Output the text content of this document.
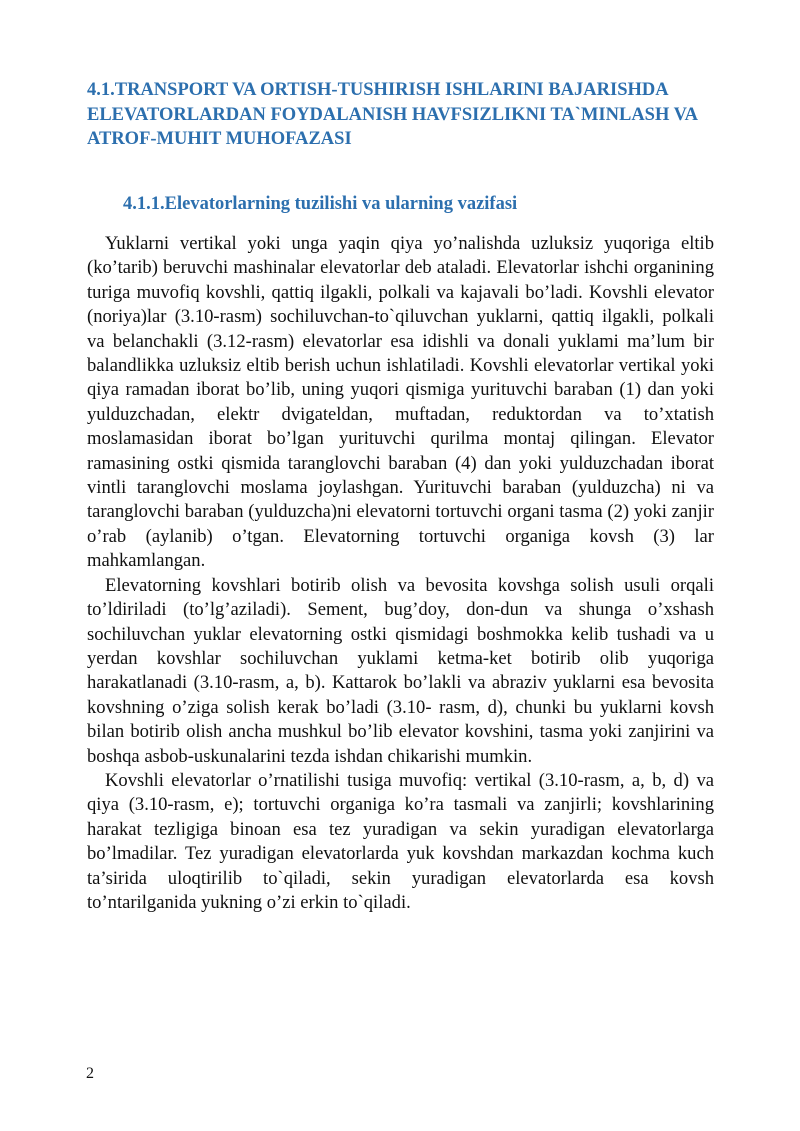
4.1.TRANSPORT VA ORTISH-TUSHIRISH ISHLARINI BAJARISHDA ELEVATORLARDAN FOYDALANISH HAVFSIZLIKNI TA`MINLASH VA ATROF-MUHIT MUHOFAZASI
4.1.1.Elevatorlarning tuzilishi va ularning vazifasi

Yuklarni vertikal yoki unga yaqin qiya yo’nalishda uzluksiz yuqoriga eltib (ko’tarib) beruvchi mashinalar elevatorlar deb ataladi. Elevatorlar ishchi organining turiga muvofiq kovshli, qattiq ilgakli, polkali va kajavali bo’ladi. Kovshli elevator (noriya)lar (3.10-rasm) sochiluvchan-to`qiluvchan yuklarni, qattiq ilgakli, polkali va belanchakli (3.12-rasm) elevatorlar esa idishli va donali yuklami ma’lum bir balandlikka uzluksiz eltib berish uchun ishlatiladi. Kovshli elevatorlar vertikal yoki qiya ramadan iborat bo’lib, uning yuqori qismiga yurituvchi baraban (1) dan yoki yulduzchadan, elektr dvigateldan, muftadan, reduktordan va to’xtatish moslamasidan iborat bo’lgan yurituvchi qurilma montaj qilingan. Elevator ramasining ostki qismida taranglovchi baraban (4) dan yoki yulduzchadan iborat vintli taranglovchi moslama joylashgan. Yurituvchi baraban (yulduzcha) ni va taranglovchi baraban (yulduzcha)ni elevatorni tortuvchi organi tasma (2) yoki zanjir o’rab (aylanib) o’tgan. Elevatorning tortuvchi organiga kovsh (3) lar mahkamlangan.

Elevatorning kovshlari botirib olish va bevosita kovshga solish usuli orqali to’ldiriladi (to’lg’aziladi). Sement, bug’doy, don-dun va shunga o’xshash sochiluvchan yuklar elevatorning ostki qismidagi boshmokka kelib tushadi va u yerdan kovshlar sochiluvchan yuklami ketma-ket botirib olib yuqoriga harakatlanadi (3.10-rasm, a, b). Kattarok bo’lakli va abraziv yuklarni esa bevosita kovshning o’ziga solish kerak bo’ladi (3.10- rasm, d), chunki bu yuklarni kovsh bilan botirib olish ancha mushkul bo’lib elevator kovshini, tasma yoki zanjirini va boshqa asbob-uskunalarini tezda ishdan chikarishi mumkin.

Kovshli elevatorlar o’rnatilishi tusiga muvofiq: vertikal (3.10-rasm, a, b, d) va qiya (3.10-rasm, e); tortuvchi organiga ko’ra tasmali va zanjirli; kovshlarining harakat tezligiga binoan esa tez yuradigan va sekin yuradigan elevatorlarga bo’lmadilar. Tez yuradigan elevatorlarda yuk kovshdan markazdan kochma kuch ta’sirida uloqtirilib to`qiladi, sekin yuradigan elevatorlarda esa kovsh to’ntarilganida yukning o’zi erkin to`qiladi.

2
